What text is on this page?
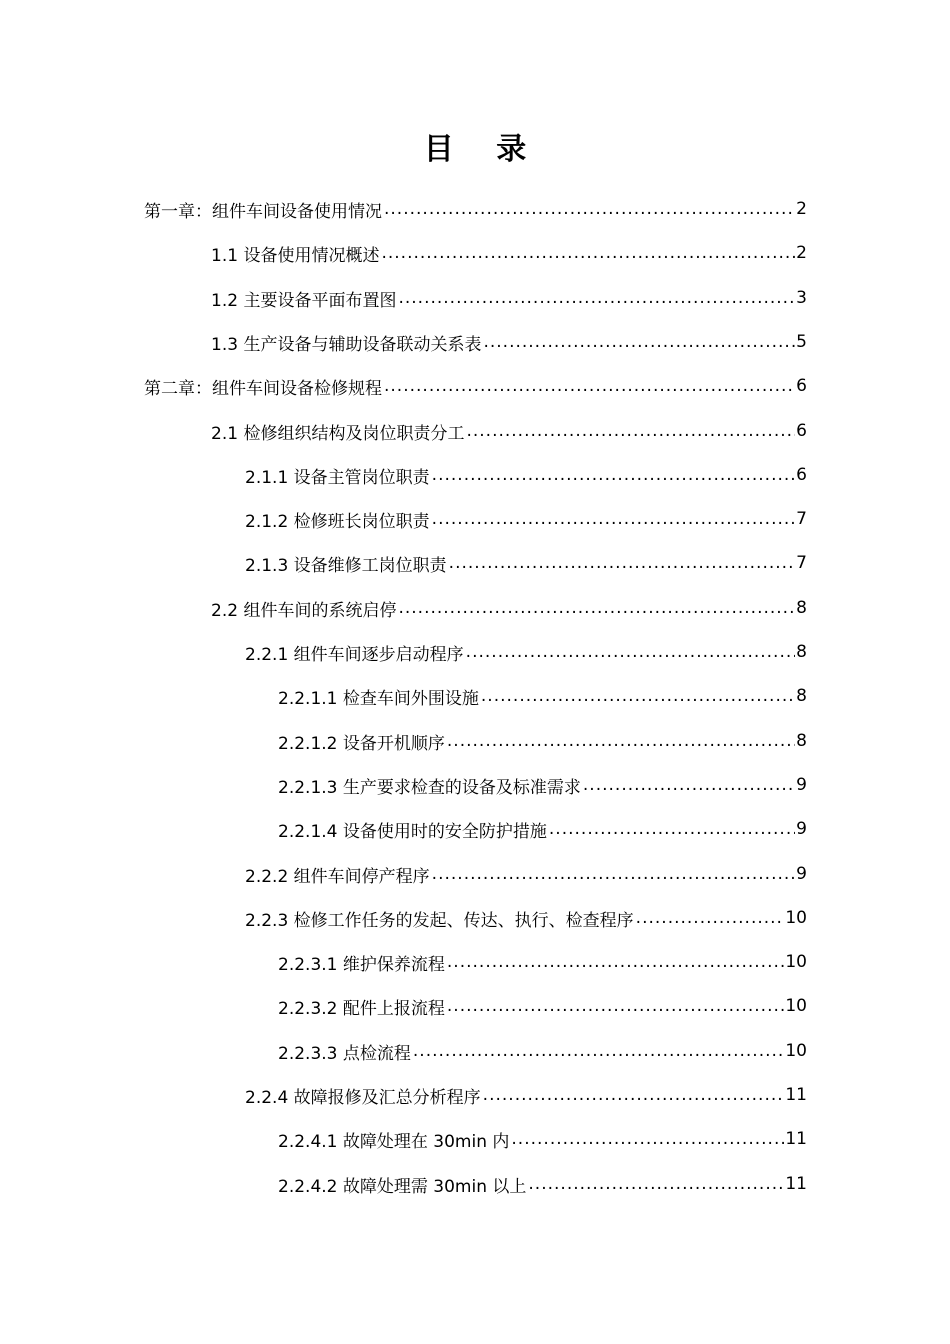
目 录
第一章：组件车间设备使用情况 .....	2
1.1 设备使用情况概述 .....	2
1.2 主要设备平面布置图 .....	3
1.3 生产设备与辅助设备联动关系表 .....	5
第二章：组件车间设备检修规程 .....	6
2.1 检修组织结构及岗位职责分工 .....	6
2.1.1 设备主管岗位职责 .....	6
2.1.2 检修班长岗位职责 .....	7
2.1.3 设备维修工岗位职责 .....	7
2.2 组件车间的系统启停 .....	8
2.2.1 组件车间逐步启动程序 .....	8
2.2.1.1 检查车间外围设施 .....	8
2.2.1.2 设备开机顺序 .....	8
2.2.1.3 生产要求检查的设备及标准需求 .....	9
2.2.1.4 设备使用时的安全防护措施 .....	9
2.2.2 组件车间停产程序 .....	9
2.2.3 检修工作任务的发起、传达、执行、检查程序 .....	10
2.2.3.1 维护保养流程 .....	10
2.2.3.2 配件上报流程 .....	10
2.2.3.3 点检流程 .....	10
2.2.4 故障报修及汇总分析程序 .....	11
2.2.4.1 故障处理在 30min 内 .....	11
2.2.4.2 故障处理需 30min 以上 .....	11
